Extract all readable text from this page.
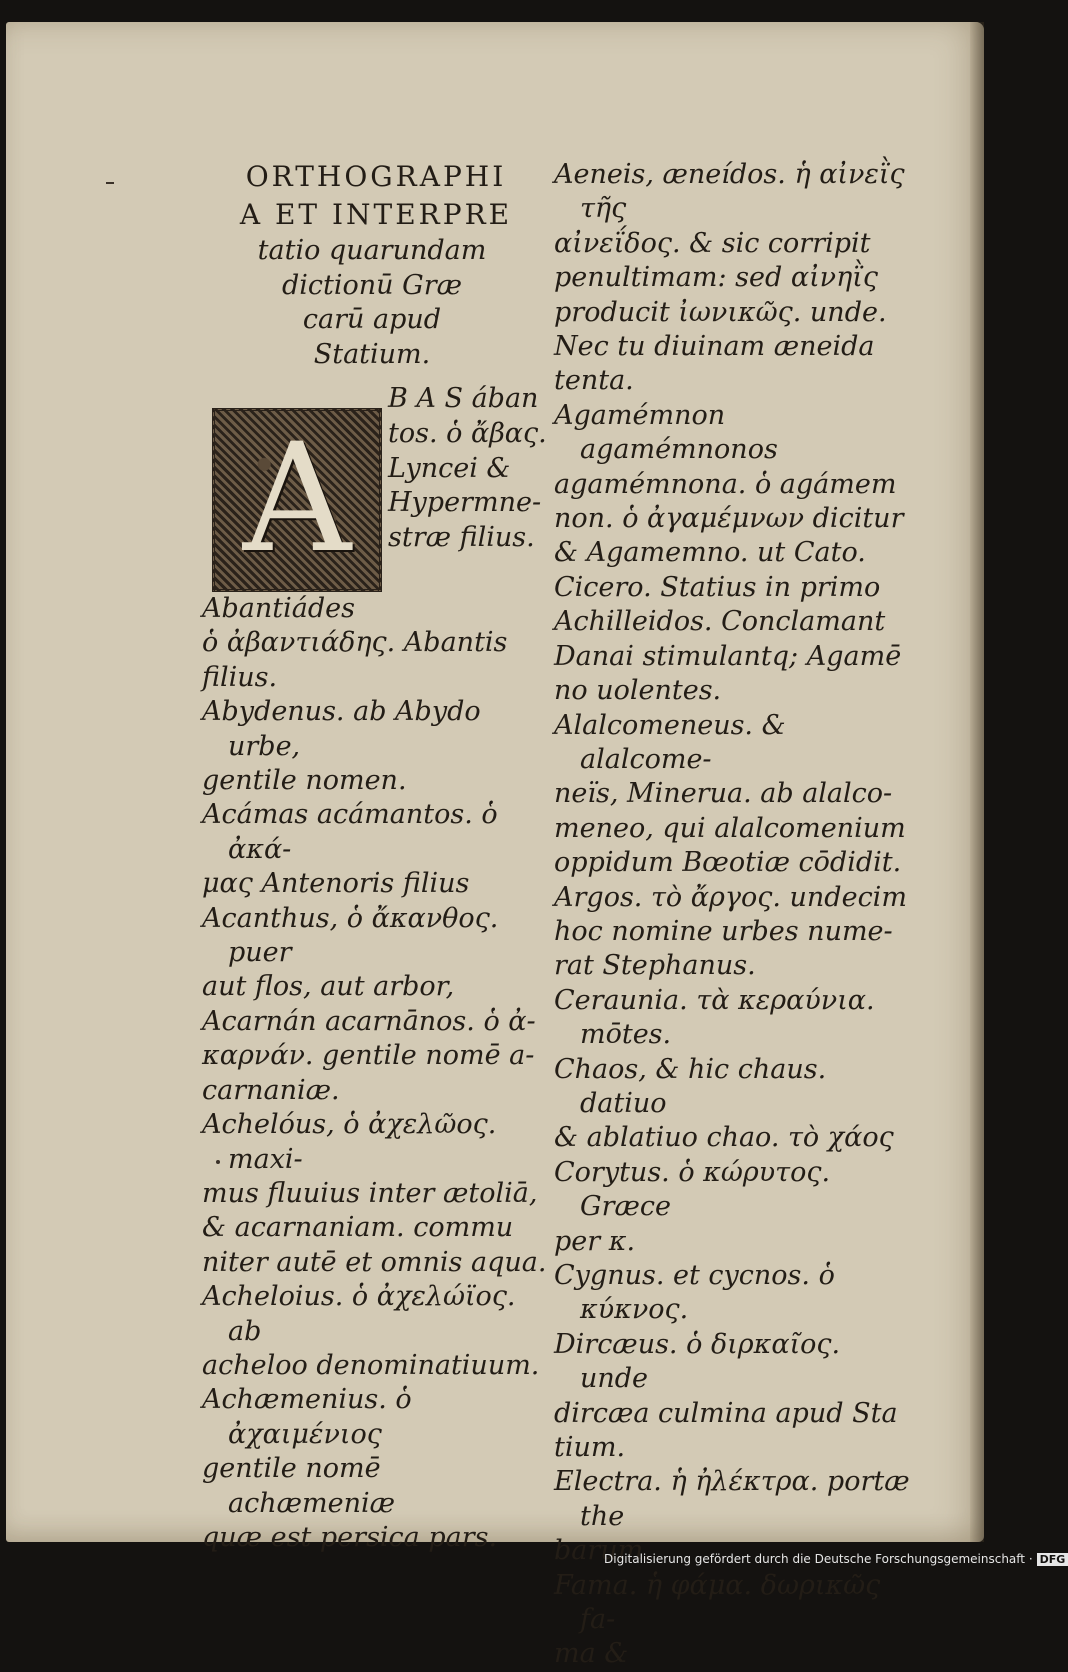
ORTHOGRAPHI
A ET INTERPRE
tatio quarundam
dictionū Græ
carū apud
Statium.
A
B A S ában
tos. ὁ ἄβας.
Lyncei &
Hypermne-
stræ filius.

Abantiádes

ὁ ἀβαντιάδης. Abantis

filius.

Abydenus. ab Abydo urbe,

gentile nomen.

Acámas acámantos. ὁ ἀκά-

μας Antenoris filius

Acanthus, ὁ ἄκανθος. puer

aut flos, aut arbor,

Acarnán acarnānos. ὁ ἀ-

καρνάν. gentile nomē a-

carnaniæ.

Achelóus, ὁ ἀχελῶος. maxi-

mus fluuius inter ætoliā,

& acarnaniam. commu

niter autē et omnis aqua.

Acheloius. ὁ ἀχελώϊος. ab

acheloo denominatiuum.

Achæmenius. ὁ ἀχαιμένιος

gentile nomē achæmeniæ

quæ est persica pars.

Aeneis, æneídos. ἡ αἰνεῒς τῆς

αἰνεΐδος. & sic corripit

penultimam: sed αἰνηῒς

producit ἰωνικῶς. unde.

Nec tu diuinam æneida

tenta.

Agamémnon agamémnonos

agamémnona. ὁ agámem

non. ὁ ἀγαμέμνων dicitur

& Agamemno. ut Cato.

Cicero. Statius in primo

Achilleidos. Conclamant

Danai stimulantq; Agamē

no uolentes.

Alalcomeneus. & alalcome-

neïs, Minerua. ab alalco-

meneo, qui alalcomenium

oppidum Bœotiæ cōdidit.

Argos. τὸ ἄργος. undecim

hoc nomine urbes nume-

rat Stephanus.

Ceraunia. τὰ κεραύνια. mōtes.

Chaos, & hic chaus. datiuo

& ablatiuo chao. τὸ χάος

Corytus. ὁ κώρυτος. Græce

per κ.

Cygnus. et cycnos. ὁ κύκνος.

Dircæus. ὁ διρκαῖος. unde

dircæa culmina apud Sta

tium.

Electra. ἡ ἠλέκτρα. portæ the

barum.

Fama. ἡ φάμα. δωρικῶς fa-

ma &

Digitalisierung gefördert durch die Deutsche Forschungsgemeinschaft · DFG
